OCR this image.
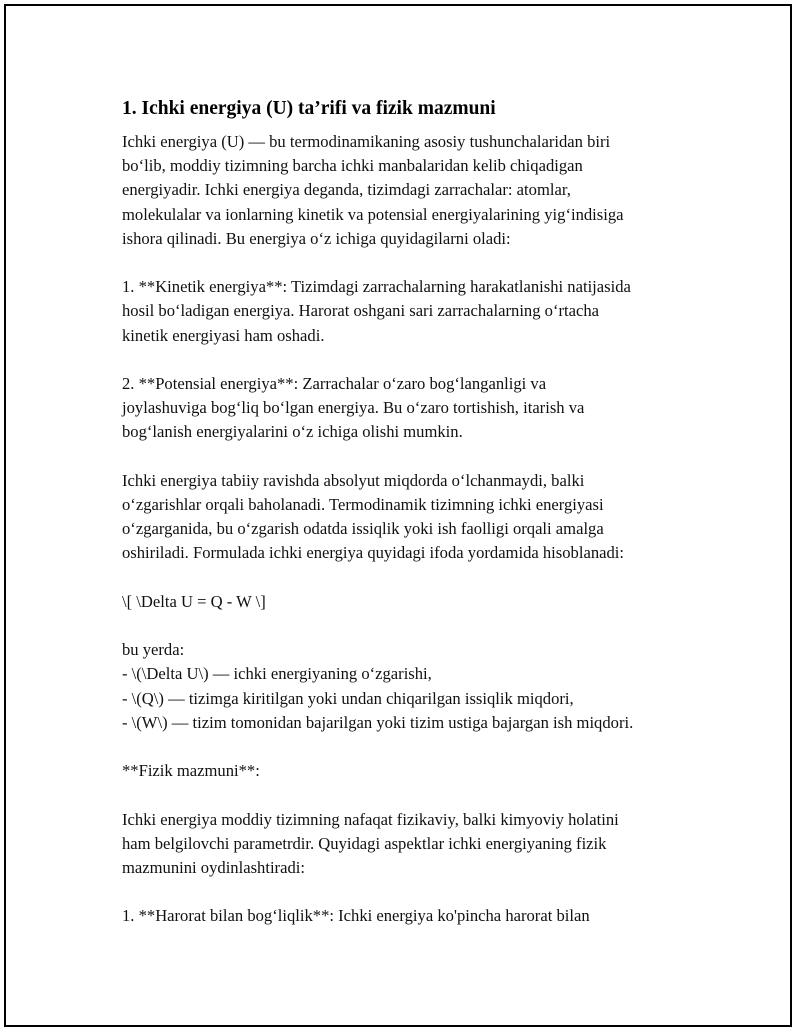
1. Ichki energiya (U) ta’rifi va fizik mazmuni
Ichki energiya (U) — bu termodinamikaning asosiy tushunchalaridan biri
bo‘lib, moddiy tizimning barcha ichki manbalaridan kelib chiqadigan
energiyadir. Ichki energiya deganda, tizimdagi zarrachalar: atomlar,
molekulalar va ionlarning kinetik va potensial energiyalarining yig‘indisiga
ishora qilinadi. Bu energiya o‘z ichiga quyidagilarni oladi:
1. **Kinetik energiya**: Tizimdagi zarrachalarning harakatlanishi natijasida
hosil bo‘ladigan energiya. Harorat oshgani sari zarrachalarning o‘rtacha
kinetik energiyasi ham oshadi.
2. **Potensial energiya**: Zarrachalar o‘zaro bog‘langanligi va
joylashuviga bog‘liq bo‘lgan energiya. Bu o‘zaro tortishish, itarish va
bog‘lanish energiyalarini o‘z ichiga olishi mumkin.
Ichki energiya tabiiy ravishda absolyut miqdorda o‘lchanmaydi, balki
o‘zgarishlar orqali baholanadi. Termodinamik tizimning ichki energiyasi
o‘zgarganida, bu o‘zgarish odatda issiqlik yoki ish faolligi orqali amalga
oshiriladi. Formulada ichki energiya quyidagi ifoda yordamida hisoblanadi:
\[ \Delta U = Q - W \]
bu yerda:
- \(\Delta U\) — ichki energiyaning o‘zgarishi,
- \(Q\) — tizimga kiritilgan yoki undan chiqarilgan issiqlik miqdori,
- \(W\) — tizim tomonidan bajarilgan yoki tizim ustiga bajargan ish miqdori.
**Fizik mazmuni**:
Ichki energiya moddiy tizimning nafaqat fizikaviy, balki kimyoviy holatini
ham belgilovchi parametrdir. Quyidagi aspektlar ichki energiyaning fizik
mazmunini oydinlashtiradi:
1. **Harorat bilan bog‘liqlik**: Ichki energiya ko'pincha harorat bilan
